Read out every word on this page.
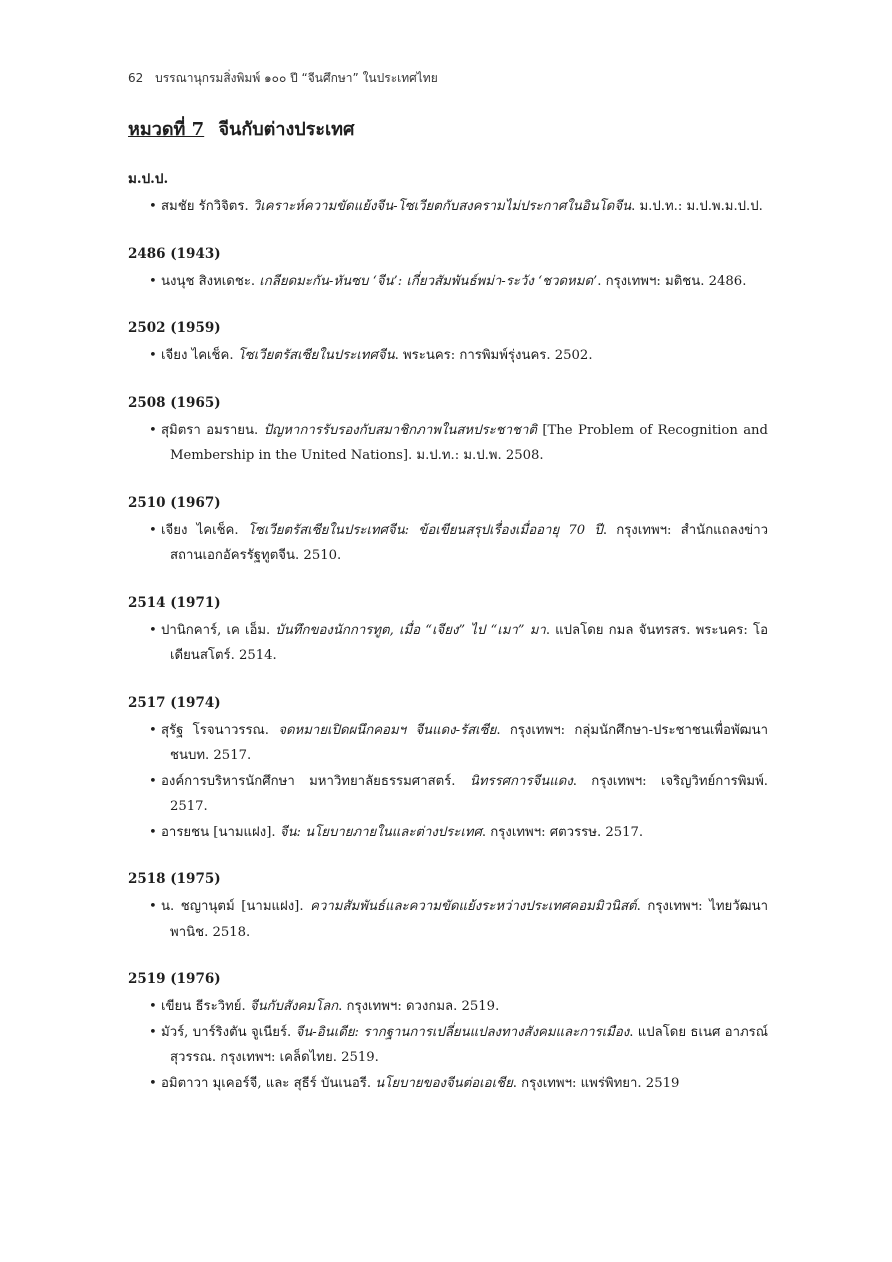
62 บรรณานุกรมสิ่งพิมพ์ ๑๐๐ ปี “จีนศึกษา” ในประเทศไทย
หมวดที่ 7 จีนกับต่างประเทศ
ม.ป.ป.
• สมชัย รักวิจิตร. วิเคราะห์ความขัดแย้งจีน-โซเวียตกับสงครามไม่ประกาศในอินโดจีน. ม.ป.ท.: ม.ป.พ.ม.ป.ป.
2486 (1943)
• นงนุช สิงหเดชะ. เกลียดมะกัน-หันซบ ‘จีน’: เกี่ยวสัมพันธ์พม่า-ระวัง ‘ชวดหมด’. กรุงเทพฯ: มติชน. 2486.
2502 (1959)
• เจียง ไคเช็ค. โซเวียตรัสเซียในประเทศจีน. พระนคร: การพิมพ์รุ่งนคร. 2502.
2508 (1965)
• สุมิตรา อมรายน. ปัญหาการรับรองกับสมาชิกภาพในสหประชาชาติ [The Problem of Recognition and Membership in the United Nations]. ม.ป.ท.: ม.ป.พ. 2508.
2510 (1967)
• เจียง ไคเช็ค. โซเวียตรัสเซียในประเทศจีน: ข้อเขียนสรุปเรื่องเมื่ออายุ 70 ปี. กรุงเทพฯ: สำนักแถลงข่าว สถานเอกอัครรัฐทูตจีน. 2510.
2514 (1971)
• ปานิกคาร์, เค เอ็ม. บันทึกของนักการทูต, เมื่อ “เจียง” ไป “เมา” มา. แปลโดย กมล จันทรสร. พระนคร: โอเดียนสโตร์. 2514.
2517 (1974)
• สุรัฐ โรจนาวรรณ. จดหมายเปิดผนึกคอมฯ จีนแดง-รัสเซีย. กรุงเทพฯ: กลุ่มนักศึกษา-ประชาชนเพื่อพัฒนาชนบท. 2517.
• องค์การบริหารนักศึกษา มหาวิทยาลัยธรรมศาสตร์. นิทรรศการจีนแดง. กรุงเทพฯ: เจริญวิทย์การพิมพ์. 2517.
• อารยชน [นามแฝง]. จีน: นโยบายภายในและต่างประเทศ. กรุงเทพฯ: ศตวรรษ. 2517.
2518 (1975)
• น. ชญานุตม์ [นามแฝง]. ความสัมพันธ์และความขัดแย้งระหว่างประเทศคอมมิวนิสต์. กรุงเทพฯ: ไทยวัฒนาพานิช. 2518.
2519 (1976)
• เขียน ธีระวิทย์. จีนกับสังคมโลก. กรุงเทพฯ: ดวงกมล. 2519.
• มัวร์, บาร์ริงตัน จูเนียร์. จีน-อินเดีย: รากฐานการเปลี่ยนแปลงทางสังคมและการเมือง. แปลโดย ธเนศ อาภรณ์สุวรรณ. กรุงเทพฯ: เคล็ดไทย. 2519.
• อมิตาวา มุเคอร์จี, และ สุธีร์ บันเนอรี. นโยบายของจีนต่อเอเชีย. กรุงเทพฯ: แพร่พิทยา. 2519
